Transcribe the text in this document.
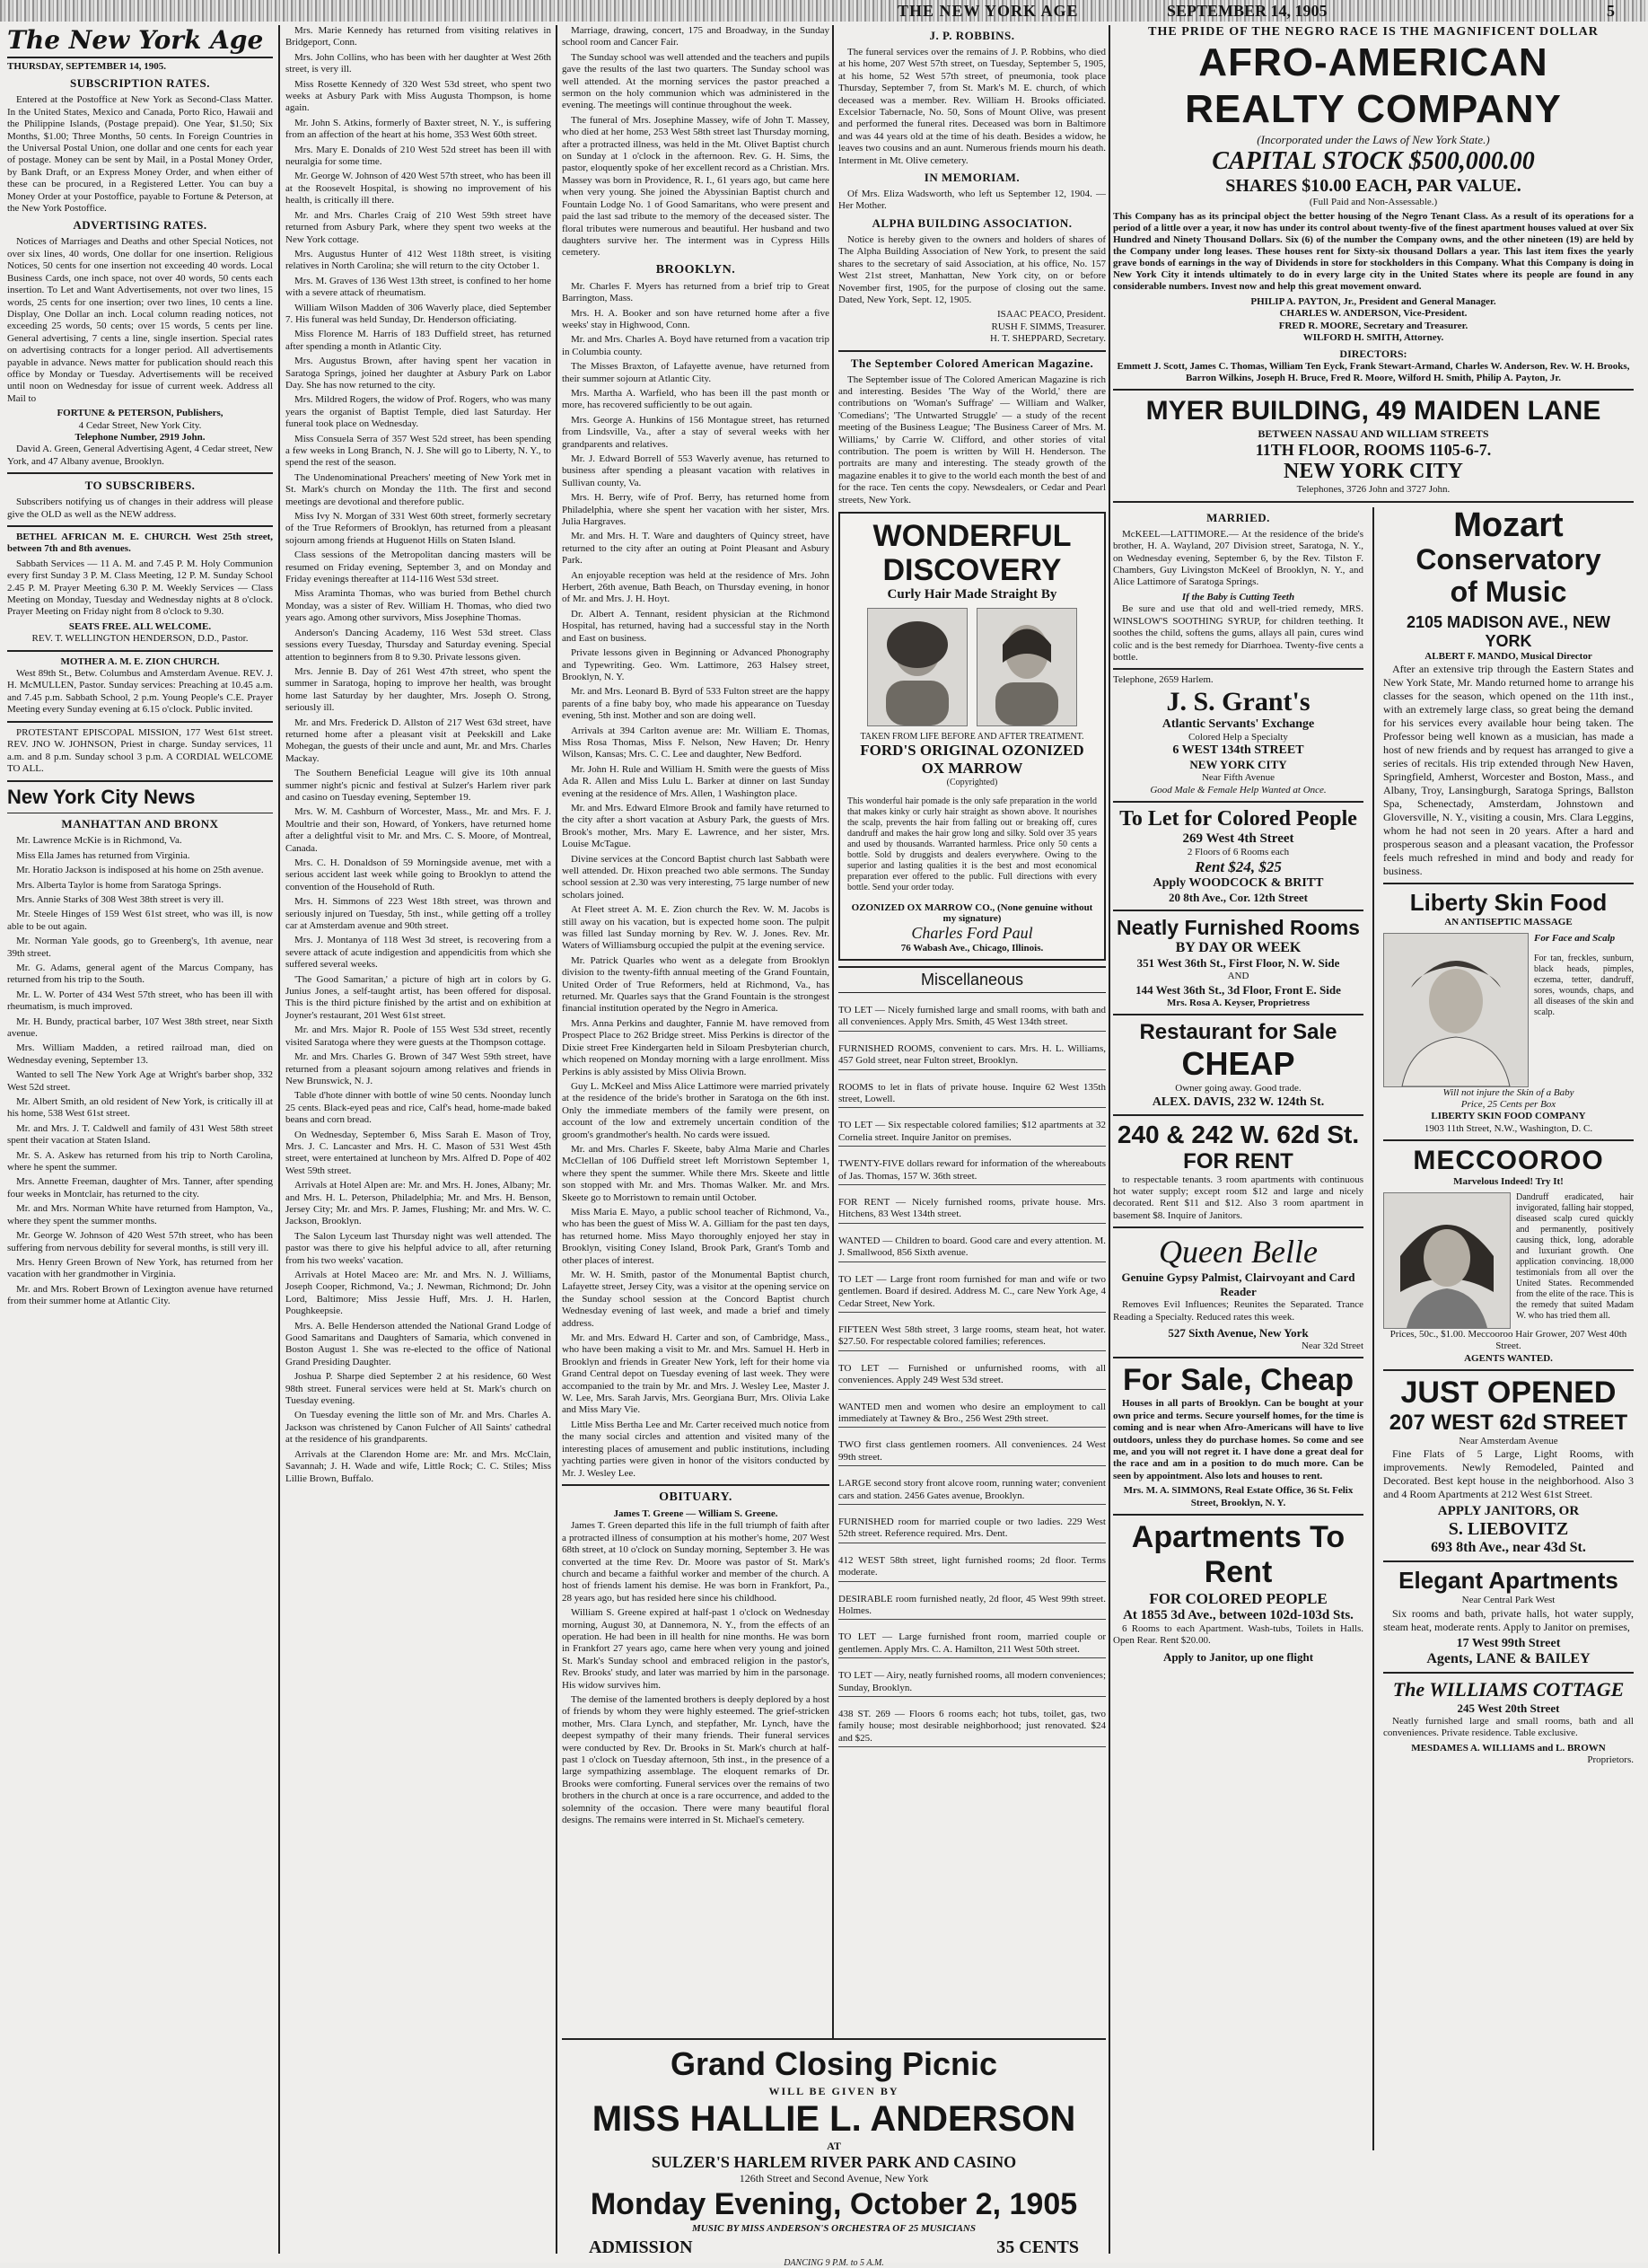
THE NEW YORK AGE	SEPTEMBER 14, 1905	5
The New York Age
THURSDAY, SEPTEMBER 14, 1905.
SUBSCRIPTION RATES.

Entered at the Postoffice at New York as Second-Class Matter. In the United States, Mexico and Canada, Porto Rico, Hawaii and the Philippine Islands, (Postage prepaid). One Year, $1.50; Six Months, $1.00; Three Months, 50 cents. In Foreign Countries in the Universal Postal Union, one dollar and one cents for each year of postage. Money can be sent by Mail, in a Postal Money Order, by Bank Draft, or an Express Money Order, and when either of these can be procured, in a Registered Letter. You can buy a Money Order at your Postoffice, payable to Fortune & Peterson, at the New York Postoffice.

ADVERTISING RATES.

Notices of Marriages and Deaths and other Special Notices, not over six lines, 40 words, One dollar for one insertion. Religious Notices, 50 cents for one insertion not exceeding 40 words. Local Business Cards, one inch space, not over 40 words, 50 cents each insertion. To Let and Want Advertisements, not over two lines, 15 words, 25 cents for one insertion; over two lines, 10 cents a line. Display, One Dollar an inch. Local column reading notices, not exceeding 25 words, 50 cents; over 15 words, 5 cents per line. General advertising, 7 cents a line, single insertion. Special rates on advertising contracts for a longer period. All advertisements payable in advance. News matter for publication should reach this office by Monday or Tuesday. Advertisements will be received until noon on Wednesday for issue of current week. Address all Mail to

FORTUNE & PETERSON, Publishers,
4 Cedar Street, New York City.
Telephone Number, 2919 John.

David A. Green, General Advertising Agent, 4 Cedar street, New York, and 47 Albany avenue, Brooklyn.

TO SUBSCRIBERS.

Subscribers notifying us of changes in their address will please give the OLD as well as the NEW address.

BETHEL AFRICAN M. E. CHURCH. West 25th street, between 7th and 8th avenues.

Sabbath Services — 11 A. M. and 7.45 P. M. Holy Communion every first Sunday 3 P. M. Class Meeting, 12 P. M. Sunday School 2.45 P. M. Prayer Meeting 6.30 P. M. Weekly Services — Class Meeting on Monday, Tuesday and Wednesday nights at 8 o'clock. Prayer Meeting on Friday night from 8 o'clock to 9.30.

SEATS FREE. ALL WELCOME.
REV. T. WELLINGTON HENDERSON, D.D., Pastor.
MOTHER A. M. E. ZION CHURCH.

West 89th St., Betw. Columbus and Amsterdam Avenue. REV. J. H. McMULLEN, Pastor. Sunday services: Preaching at 10.45 a.m. and 7.45 p.m. Sabbath School, 2 p.m. Young People's C.E. Prayer Meeting every Sunday evening at 6.15 o'clock. Public invited.

PROTESTANT EPISCOPAL MISSION, 177 West 61st street. REV. JNO W. JOHNSON, Priest in charge. Sunday services, 11 a.m. and 8 p.m. Sunday school 3 p.m. A CORDIAL WELCOME TO ALL.

New York City News
MANHATTAN AND BRONX

Mr. Lawrence McKie is in Richmond, Va.

Miss Ella James has returned from Virginia.

Mr. Horatio Jackson is indisposed at his home on 25th avenue.

Mrs. Alberta Taylor is home from Saratoga Springs.

Mrs. Annie Starks of 308 West 38th street is very ill.

Mr. Steele Hinges of 159 West 61st street, who was ill, is now able to be out again.

Mr. Norman Yale goods, go to Greenberg's, 1th avenue, near 39th street.

Mr. G. Adams, general agent of the Marcus Company, has returned from his trip to the South.

Mr. L. W. Porter of 434 West 57th street, who has been ill with rheumatism, is much improved.

Mr. H. Bundy, practical barber, 107 West 38th street, near Sixth avenue.

Mrs. William Madden, a retired railroad man, died on Wednesday evening, September 13.

Wanted to sell The New York Age at Wright's barber shop, 332 West 52d street.

Mr. Albert Smith, an old resident of New York, is critically ill at his home, 538 West 61st street.

Mr. and Mrs. J. T. Caldwell and family of 431 West 58th street spent their vacation at Staten Island.

Mr. S. A. Askew has returned from his trip to North Carolina, where he spent the summer.

Mrs. Annette Freeman, daughter of Mrs. Tanner, after spending four weeks in Montclair, has returned to the city.

Mr. and Mrs. Norman White have returned from Hampton, Va., where they spent the summer months.

Mr. George W. Johnson of 420 West 57th street, who has been suffering from nervous debility for several months, is still very ill.

Mrs. Henry Green Brown of New York, has returned from her vacation with her grandmother in Virginia.

Mr. and Mrs. Robert Brown of Lexington avenue have returned from their summer home at Atlantic City.

Mrs. Marie Kennedy has returned from visiting relatives in Bridgeport, Conn.

Mrs. John Collins, who has been with her daughter at West 26th street, is very ill.

Miss Rosette Kennedy of 320 West 53d street, who spent two weeks at Asbury Park with Miss Augusta Thompson, is home again.

Mr. John S. Atkins, formerly of Baxter street, N. Y., is suffering from an affection of the heart at his home, 353 West 60th street.

Mrs. Mary E. Donalds of 210 West 52d street has been ill with neuralgia for some time.

Mr. George W. Johnson of 420 West 57th street, who has been ill at the Roosevelt Hospital, is showing no improvement of his health, is critically ill there.

Mr. and Mrs. Charles Craig of 210 West 59th street have returned from Asbury Park, where they spent two weeks at the New York cottage.

Mrs. Augustus Hunter of 412 West 118th street, is visiting relatives in North Carolina; she will return to the city October 1.

Mrs. M. Graves of 136 West 13th street, is confined to her home with a severe attack of rheumatism.

William Wilson Madden of 306 Waverly place, died September 7. His funeral was held Sunday, Dr. Henderson officiating.

Miss Florence M. Harris of 183 Duffield street, has returned after spending a month in Atlantic City.

Mrs. Augustus Brown, after having spent her vacation in Saratoga Springs, joined her daughter at Asbury Park on Labor Day. She has now returned to the city.

Mrs. Mildred Rogers, the widow of Prof. Rogers, who was many years the organist of Baptist Temple, died last Saturday. Her funeral took place on Wednesday.

Miss Consuela Serra of 357 West 52d street, has been spending a few weeks in Long Branch, N. J. She will go to Liberty, N. Y., to spend the rest of the season.

The Undenominational Preachers' meeting of New York met in St. Mark's church on Monday the 11th. The first and second meetings are devotional and therefore public.

Miss Ivy N. Morgan of 331 West 60th street, formerly secretary of the True Reformers of Brooklyn, has returned from a pleasant sojourn among friends at Huguenot Hills on Staten Island.

Class sessions of the Metropolitan dancing masters will be resumed on Friday evening, September 3, and on Monday and Friday evenings thereafter at 114-116 West 53d street.

Miss Araminta Thomas, who was buried from Bethel church Monday, was a sister of Rev. William H. Thomas, who died two years ago. Among other survivors, Miss Josephine Thomas.

Anderson's Dancing Academy, 116 West 53d street. Class sessions every Tuesday, Thursday and Saturday evening. Special attention to beginners from 8 to 9.30. Private lessons given.

Mrs. Jennie B. Day of 261 West 47th street, who spent the summer in Saratoga, hoping to improve her health, was brought home last Saturday by her daughter, Mrs. Joseph O. Strong, seriously ill.

Mr. and Mrs. Frederick D. Allston of 217 West 63d street, have returned home after a pleasant visit at Peekskill and Lake Mohegan, the guests of their uncle and aunt, Mr. and Mrs. Charles Mackay.

The Southern Beneficial League will give its 10th annual summer night's picnic and festival at Sulzer's Harlem river park and casino on Tuesday evening, September 19.

Mrs. W. M. Cashburn of Worcester, Mass., Mr. and Mrs. F. J. Moultrie and their son, Howard, of Yonkers, have returned home after a delightful visit to Mr. and Mrs. C. S. Moore, of Montreal, Canada.

Mrs. C. H. Donaldson of 59 Morningside avenue, met with a serious accident last week while going to Brooklyn to attend the convention of the Household of Ruth.

Mrs. H. Simmons of 223 West 18th street, was thrown and seriously injured on Tuesday, 5th inst., while getting off a trolley car at Amsterdam avenue and 90th street.

Mrs. J. Montanya of 118 West 3d street, is recovering from a severe attack of acute indigestion and appendicitis from which she suffered several weeks.

'The Good Samaritan,' a picture of high art in colors by G. Junius Jones, a self-taught artist, has been offered for disposal. This is the third picture finished by the artist and on exhibition at Joyner's restaurant, 201 West 61st street.

Mr. and Mrs. Major R. Poole of 155 West 53d street, recently visited Saratoga where they were guests at the Thompson cottage.

Mr. and Mrs. Charles G. Brown of 347 West 59th street, have returned from a pleasant sojourn among relatives and friends in New Brunswick, N. J.

Table d'hote dinner with bottle of wine 50 cents. Noonday lunch 25 cents. Black-eyed peas and rice, Calf's head, home-made baked beans and corn bread.

On Wednesday, September 6, Miss Sarah E. Mason of Troy, Mrs. J. C. Lancaster and Mrs. H. C. Mason of 531 West 45th street, were entertained at luncheon by Mrs. Alfred D. Pope of 402 West 59th street.

Arrivals at Hotel Alpen are: Mr. and Mrs. H. Jones, Albany; Mr. and Mrs. H. L. Peterson, Philadelphia; Mr. and Mrs. H. Benson, Jersey City; Mr. and Mrs. P. James, Flushing; Mr. and Mrs. W. C. Jackson, Brooklyn.

The Salon Lyceum last Thursday night was well attended. The pastor was there to give his helpful advice to all, after returning from his two weeks' vacation.

Arrivals at Hotel Maceo are: Mr. and Mrs. N. J. Williams, Joseph Cooper, Richmond, Va.; J. Newman, Richmond; Dr. John Lord, Baltimore; Miss Jessie Huff, Mrs. J. H. Harlen, Poughkeepsie.

Mrs. A. Belle Henderson attended the National Grand Lodge of Good Samaritans and Daughters of Samaria, which convened in Boston August 1. She was re-elected to the office of National Grand Presiding Daughter.

Joshua P. Sharpe died September 2 at his residence, 60 West 98th street. Funeral services were held at St. Mark's church on Tuesday evening.

On Tuesday evening the little son of Mr. and Mrs. Charles A. Jackson was christened by Canon Fulcher of All Saints' cathedral at the residence of his grandparents.

Arrivals at the Clarendon Home are: Mr. and Mrs. McClain, Savannah; J. H. Wade and wife, Little Rock; C. C. Stiles; Miss Lillie Brown, Buffalo.

Marriage, drawing, concert, 175 and Broadway, in the Sunday school room and Cancer Fair.

The Sunday school was well attended and the teachers and pupils gave the results of the last two quarters. The Sunday school was well attended. At the morning services the pastor preached a sermon on the holy communion which was administered in the evening. The meetings will continue throughout the week.

The funeral of Mrs. Josephine Massey, wife of John T. Massey, who died at her home, 253 West 58th street last Thursday morning, after a protracted illness, was held in the Mt. Olivet Baptist church on Sunday at 1 o'clock in the afternoon. Rev. G. H. Sims, the pastor, eloquently spoke of her excellent record as a Christian. Mrs. Massey was born in Providence, R. I., 61 years ago, but came here when very young. She joined the Abyssinian Baptist church and Fountain Lodge No. 1 of Good Samaritans, who were present and paid the last sad tribute to the memory of the deceased sister. The floral tributes were numerous and beautiful. Her husband and two daughters survive her. The interment was in Cypress Hills cemetery.

BROOKLYN.

Mr. Charles F. Myers has returned from a brief trip to Great Barrington, Mass.

Mrs. H. A. Booker and son have returned home after a five weeks' stay in Highwood, Conn.

Mr. and Mrs. Charles A. Boyd have returned from a vacation trip in Columbia county.

The Misses Braxton, of Lafayette avenue, have returned from their summer sojourn at Atlantic City.

Mrs. Martha A. Warfield, who has been ill the past month or more, has recovered sufficiently to be out again.

Mrs. George A. Hunkins of 156 Montague street, has returned from Lindsville, Va., after a stay of several weeks with her grandparents and relatives.

Mr. J. Edward Borrell of 553 Waverly avenue, has returned to business after spending a pleasant vacation with relatives in Sullivan county, Va.

Mrs. H. Berry, wife of Prof. Berry, has returned home from Philadelphia, where she spent her vacation with her sister, Mrs. Julia Hargraves.

Mr. and Mrs. H. T. Ware and daughters of Quincy street, have returned to the city after an outing at Point Pleasant and Asbury Park.

An enjoyable reception was held at the residence of Mrs. John Herbert, 26th avenue, Bath Beach, on Thursday evening, in honor of Mr. and Mrs. J. H. Hoyt.

Dr. Albert A. Tennant, resident physician at the Richmond Hospital, has returned, having had a successful stay in the North and East on business.

Private lessons given in Beginning or Advanced Phonography and Typewriting. Geo. Wm. Lattimore, 263 Halsey street, Brooklyn, N. Y.

Mr. and Mrs. Leonard B. Byrd of 533 Fulton street are the happy parents of a fine baby boy, who made his appearance on Tuesday evening, 5th inst. Mother and son are doing well.

Arrivals at 394 Carlton avenue are: Mr. William E. Thomas, Miss Rosa Thomas, Miss F. Nelson, New Haven; Dr. Henry Wilson, Kansas; Mrs. C. C. Lee and daughter, New Bedford.

Mr. John H. Rule and William H. Smith were the guests of Miss Ada R. Allen and Miss Lulu L. Barker at dinner on last Sunday evening at the residence of Mrs. Allen, 1 Washington place.

Mr. and Mrs. Edward Elmore Brook and family have returned to the city after a short vacation at Asbury Park, the guests of Mrs. Brook's mother, Mrs. Mary E. Lawrence, and her sister, Mrs. Louise McTague.

Divine services at the Concord Baptist church last Sabbath were well attended. Dr. Hixon preached two able sermons. The Sunday school session at 2.30 was very interesting, 75 large number of new scholars joined.

At Fleet street A. M. E. Zion church the Rev. W. M. Jacobs is still away on his vacation, but is expected home soon. The pulpit was filled last Sunday morning by Rev. W. J. Jones. Rev. Mr. Waters of Williamsburg occupied the pulpit at the evening service.

Mr. Patrick Quarles who went as a delegate from Brooklyn division to the twenty-fifth annual meeting of the Grand Fountain, United Order of True Reformers, held at Richmond, Va., has returned. Mr. Quarles says that the Grand Fountain is the strongest financial institution operated by the Negro in America.

Mrs. Anna Perkins and daughter, Fannie M. have removed from Prospect Place to 262 Bridge street. Miss Perkins is director of the Dixie street Free Kindergarten held in Siloam Presbyterian church, which reopened on Monday morning with a large enrollment. Miss Perkins is ably assisted by Miss Olivia Brown.

Guy L. McKeel and Miss Alice Lattimore were married privately at the residence of the bride's brother in Saratoga on the 6th inst. Only the immediate members of the family were present, on account of the low and extremely uncertain condition of the groom's grandmother's health. No cards were issued.

Mr. and Mrs. Charles F. Skeete, baby Alma Marie and Charles McClellan of 106 Duffield street left Morristown September 1, where they spent the summer. While there Mrs. Skeete and little son stopped with Mr. and Mrs. Thomas Walker. Mr. and Mrs. Skeete go to Morristown to remain until October.

Miss Maria E. Mayo, a public school teacher of Richmond, Va., who has been the guest of Miss W. A. Gilliam for the past ten days, has returned home. Miss Mayo thoroughly enjoyed her stay in Brooklyn, visiting Coney Island, Brook Park, Grant's Tomb and other places of interest.

Mr. W. H. Smith, pastor of the Monumental Baptist church, Lafayette street, Jersey City, was a visitor at the opening service on the Sunday school session at the Concord Baptist church Wednesday evening of last week, and made a brief and timely address.

Mr. and Mrs. Edward H. Carter and son, of Cambridge, Mass., who have been making a visit to Mr. and Mrs. Samuel H. Herb in Brooklyn and friends in Greater New York, left for their home via Grand Central depot on Tuesday evening of last week. They were accompanied to the train by Mr. and Mrs. J. Wesley Lee, Master J. W. Lee, Mrs. Sarah Jarvis, Mrs. Georgiana Burr, Mrs. Olivia Lake and Miss Mary Vie.

Little Miss Bertha Lee and Mr. Carter received much notice from the many social circles and attention and visited many of the interesting places of amusement and public institutions, including yachting parties were given in honor of the visitors conducted by Mr. J. Wesley Lee.

OBITUARY.
James T. Greene — William S. Greene.

James T. Green departed this life in the full triumph of faith after a protracted illness of consumption at his mother's home, 207 West 68th street, at 10 o'clock on Sunday morning, September 3. He was converted at the time Rev. Dr. Moore was pastor of St. Mark's church and became a faithful worker and member of the church. A host of friends lament his demise. He was born in Frankfort, Pa., 28 years ago, but has resided here since his childhood.

William S. Greene expired at half-past 1 o'clock on Wednesday morning, August 30, at Dannemora, N. Y., from the effects of an operation. He had been in ill health for nine months. He was born in Frankfort 27 years ago, came here when very young and joined St. Mark's Sunday school and embraced religion in the pastor's, Rev. Brooks' study, and later was married by him in the parsonage. His widow survives him.

The demise of the lamented brothers is deeply deplored by a host of friends by whom they were highly esteemed. The grief-stricken mother, Mrs. Clara Lynch, and stepfather, Mr. Lynch, have the deepest sympathy of their many friends. Their funeral services were conducted by Rev. Dr. Brooks in St. Mark's church at half-past 1 o'clock on Tuesday afternoon, 5th inst., in the presence of a large sympathizing assemblage. The eloquent remarks of Dr. Brooks were comforting. Funeral services over the remains of two brothers in the church at once is a rare occurrence, and added to the solemnity of the occasion. There were many beautiful floral designs. The remains were interred in St. Michael's cemetery.

J. P. ROBBINS.

The funeral services over the remains of J. P. Robbins, who died at his home, 207 West 57th street, on Tuesday, September 5, 1905, at his home, 52 West 57th street, of pneumonia, took place Thursday, September 7, from St. Mark's M. E. church, of which deceased was a member. Rev. William H. Brooks officiated. Excelsior Tabernacle, No. 50, Sons of Mount Olive, was present and performed the funeral rites. Deceased was born in Baltimore and was 44 years old at the time of his death. Besides a widow, he leaves two cousins and an aunt. Numerous friends mourn his death. Interment in Mt. Olive cemetery.

IN MEMORIAM.

Of Mrs. Eliza Wadsworth, who left us September 12, 1904. — Her Mother.

ALPHA BUILDING ASSOCIATION.

Notice is hereby given to the owners and holders of shares of The Alpha Building Association of New York, to present the said shares to the secretary of said Association, at his office, No. 157 West 21st street, Manhattan, New York city, on or before November first, 1905, for the purpose of closing out the same. Dated, New York, Sept. 12, 1905.

ISAAC PEACO, President.
RUSH F. SIMMS, Treasurer.
H. T. SHEPPARD, Secretary.
The September Colored American Magazine.

The September issue of The Colored American Magazine is rich and interesting. Besides 'The Way of the World,' there are contributions on 'Woman's Suffrage' — William and Walker, 'Comedians'; 'The Untwarted Struggle' — a study of the recent meeting of the Business League; 'The Business Career of Mrs. M. Williams,' by Carrie W. Clifford, and other stories of vital contribution. The poem is written by Will H. Henderson. The portraits are many and interesting. The steady growth of the magazine enables it to give to the world each month the best of and for the race. Ten cents the copy. Newsdealers, or Cedar and Pearl streets, New York.

WONDERFUL
DISCOVERY
Curly Hair Made Straight By
TAKEN FROM LIFE BEFORE AND AFTER TREATMENT.
FORD'S ORIGINAL OZONIZED OX MARROW
(Copyrighted)

This wonderful hair pomade is the only safe preparation in the world that makes kinky or curly hair straight as shown above. It nourishes the scalp, prevents the hair from falling out or breaking off, cures dandruff and makes the hair grow long and silky. Sold over 35 years and used by thousands. Warranted harmless. Price only 50 cents a bottle. Sold by druggists and dealers everywhere. Owing to the superior and lasting qualities it is the best and most economical preparation ever offered to the public. Full directions with every bottle. Send your order today.

OZONIZED OX MARROW CO., (None genuine without my signature)
Charles Ford Paul
76 Wabash Ave., Chicago, Illinois.
Miscellaneous

TO LET — Nicely furnished large and small rooms, with bath and all conveniences. Apply Mrs. Smith, 45 West 134th street.

FURNISHED ROOMS, convenient to cars. Mrs. H. L. Williams, 457 Gold street, near Fulton street, Brooklyn.

ROOMS to let in flats of private house. Inquire 62 West 135th street, Lowell.

TO LET — Six respectable colored families; $12 apartments at 32 Cornelia street. Inquire Janitor on premises.

TWENTY-FIVE dollars reward for information of the whereabouts of Jas. Thomas, 157 W. 36th street.

FOR RENT — Nicely furnished rooms, private house. Mrs. Hitchens, 83 West 134th street.

WANTED — Children to board. Good care and every attention. M. J. Smallwood, 856 Sixth avenue.

TO LET — Large front room furnished for man and wife or two gentlemen. Board if desired. Address M. C., care New York Age, 4 Cedar Street, New York.

FIFTEEN West 58th street, 3 large rooms, steam heat, hot water. $27.50. For respectable colored families; references.

TO LET — Furnished or unfurnished rooms, with all conveniences. Apply 249 West 53d street.

WANTED men and women who desire an employment to call immediately at Tawney & Bro., 256 West 29th street.

TWO first class gentlemen roomers. All conveniences. 24 West 99th street.

LARGE second story front alcove room, running water; convenient cars and station. 2456 Gates avenue, Brooklyn.

FURNISHED room for married couple or two ladies. 229 West 52th street. Reference required. Mrs. Dent.

412 WEST 58th street, light furnished rooms; 2d floor. Terms moderate.

DESIRABLE room furnished neatly, 2d floor, 45 West 99th street. Holmes.

TO LET — Large furnished front room, married couple or gentlemen. Apply Mrs. C. A. Hamilton, 211 West 50th street.

TO LET — Airy, neatly furnished rooms, all modern conveniences; Sunday, Brooklyn.

438 ST. 269 — Floors 6 rooms each; hot tubs, toilet, gas, two family house; most desirable neighborhood; just renovated. $24 and $25.

Grand Closing Picnic
WILL BE GIVEN BY
MISS HALLIE L. ANDERSON
AT
SULZER'S HARLEM RIVER PARK AND CASINO
126th Street and Second Avenue, New York
Monday Evening, October 2, 1905
MUSIC BY MISS ANDERSON'S ORCHESTRA OF 25 MUSICIANS
ADMISSION	35 CENTS
DANCING 9 P.M. to 5 A.M.
THE PRIDE OF THE NEGRO RACE IS THE MAGNIFICENT DOLLAR
AFRO-AMERICAN REALTY COMPANY
(Incorporated under the Laws of New York State.)
CAPITAL STOCK $500,000.00
SHARES $10.00 EACH, PAR VALUE.
(Full Paid and Non-Assessable.)

This Company has as its principal object the better housing of the Negro Tenant Class. As a result of its operations for a period of a little over a year, it now has under its control about twenty-five of the finest apartment houses valued at over Six Hundred and Ninety Thousand Dollars. Six (6) of the number the Company owns, and the other nineteen (19) are held by the Company under long leases. These houses rent for Sixty-six thousand Dollars a year. This last item fixes the yearly grave bonds of earnings in the way of Dividends in store for stockholders in this Company. What this Company is doing in New York City it intends ultimately to do in every large city in the United States where its people are found in any considerable numbers. Invest now and help this great movement onward.

PHILIP A. PAYTON, Jr., President and General Manager.
CHARLES W. ANDERSON, Vice-President.
FRED R. MOORE, Secretary and Treasurer.
WILFORD H. SMITH, Attorney.
DIRECTORS:
Emmett J. Scott, James C. Thomas, William Ten Eyck, Frank Stewart-Armand, Charles W. Anderson, Rev. W. H. Brooks, Barron Wilkins, Joseph H. Bruce, Fred R. Moore, Wilford H. Smith, Philip A. Payton, Jr.
MYER BUILDING, 49 MAIDEN LANE
BETWEEN NASSAU AND WILLIAM STREETS
11TH FLOOR, ROOMS 1105-6-7.
NEW YORK CITY
Telephones, 3726 John and 3727 John.
MARRIED.

McKEEL—LATTIMORE.— At the residence of the bride's brother, H. A. Wayland, 207 Division street, Saratoga, N. Y., on Wednesday evening, September 6, by the Rev. Tilston F. Chambers, Guy Livingston McKeel of Brooklyn, N. Y., and Alice Lattimore of Saratoga Springs.

If the Baby is Cutting Teeth

Be sure and use that old and well-tried remedy, MRS. WINSLOW'S SOOTHING SYRUP, for children teething. It soothes the child, softens the gums, allays all pain, cures wind colic and is the best remedy for Diarrhoea. Twenty-five cents a bottle.

Telephone, 2659 Harlem.
J. S. Grant's
Atlantic Servants' Exchange
Colored Help a Specialty
6 WEST 134th STREET
NEW YORK CITY
Near Fifth Avenue
Good Male & Female Help Wanted at Once.
To Let for Colored People
269 West 4th Street
2 Floors of 6 Rooms each
Rent $24, $25
Apply WOODCOCK & BRITT
20 8th Ave., Cor. 12th Street
Neatly Furnished Rooms
BY DAY OR WEEK
351 West 36th St., First Floor, N. W. Side
AND
144 West 36th St., 3d Floor, Front E. Side
Mrs. Rosa A. Keyser, Proprietress
Restaurant for Sale
CHEAP
Owner going away. Good trade.
ALEX. DAVIS, 232 W. 124th St.
240 & 242 W. 62d St.
FOR RENT

to respectable tenants. 3 room apartments with continuous hot water supply; except room $12 and large and nicely decorated. Rent $11 and $12. Also 3 room apartment in basement $8. Inquire of Janitors.

Queen Belle
Genuine Gypsy Palmist, Clairvoyant and Card Reader

Removes Evil Influences; Reunites the Separated. Trance Reading a Specialty. Reduced rates this week.

527 Sixth Avenue, New York
Near 32d Street
For Sale, Cheap

Houses in all parts of Brooklyn. Can be bought at your own price and terms. Secure yourself homes, for the time is coming and is near when Afro-Americans will have to live outdoors, unless they do purchase homes. So come and see me, and you will not regret it. I have done a great deal for the race and am in a position to do much more. Can be seen by appointment. Also lots and houses to rent.

Mrs. M. A. SIMMONS, Real Estate Office, 36 St. Felix Street, Brooklyn, N. Y.
Apartments To Rent
FOR COLORED PEOPLE
At 1855 3d Ave., between 102d-103d Sts.

6 Rooms to each Apartment. Wash-tubs, Toilets in Halls. Open Rear. Rent $20.00.

Apply to Janitor, up one flight
Mozart
Conservatory
of Music
2105 MADISON AVE., NEW YORK
ALBERT F. MANDO, Musical Director

After an extensive trip through the Eastern States and New York State, Mr. Mando returned home to arrange his classes for the season, which opened on the 11th inst., with an extremely large class, so great being the demand for his services every available hour being taken. The Professor being well known as a musician, has made a host of new friends and by request has arranged to give a series of recitals. His trip extended through New Haven, Springfield, Amherst, Worcester and Boston, Mass., and Albany, Troy, Lansingburgh, Saratoga Springs, Ballston Spa, Schenectady, Amsterdam, Johnstown and Gloversville, N. Y., visiting a cousin, Mrs. Clara Leggins, whom he had not seen in 20 years. After a hard and prosperous season and a pleasant vacation, the Professor feels much refreshed in mind and body and ready for business.

Liberty Skin Food
AN ANTISEPTIC MASSAGE
For Face and Scalp

For tan, freckles, sunburn, black heads, pimples, eczema, tetter, dandruff, sores, wounds, chaps, and all diseases of the skin and scalp.

Will not injure the Skin of a Baby
Price, 25 Cents per Box
LIBERTY SKIN FOOD COMPANY
1903 11th Street, N.W., Washington, D. C.
MECCOOROO
Marvelous Indeed! Try It!

Dandruff eradicated, hair invigorated, falling hair stopped, diseased scalp cured quickly and permanently, positively causing thick, long, adorable and luxuriant growth. One application convincing. 18,000 testimonials from all over the United States. Recommended from the elite of the race. This is the remedy that suited Madam W. who has tried them all.

Prices, 50c., $1.00. Meccooroo Hair Grower, 207 West 40th Street.
AGENTS WANTED.
JUST OPENED
207 WEST 62d STREET
Near Amsterdam Avenue

Fine Flats of 5 Large, Light Rooms, with improvements. Newly Remodeled, Painted and Decorated. Best kept house in the neighborhood. Also 3 and 4 Room Apartments at 212 West 61st Street.

APPLY JANITORS, OR
S. LIEBOVITZ
693 8th Ave., near 43d St.
Elegant Apartments
Near Central Park West

Six rooms and bath, private halls, hot water supply, steam heat, moderate rents. Apply to Janitor on premises,

17 West 99th Street
Agents, LANE & BAILEY
The WILLIAMS COTTAGE
245 West 20th Street

Neatly furnished large and small rooms, bath and all conveniences. Private residence. Table exclusive.

MESDAMES A. WILLIAMS and L. BROWN
Proprietors.
